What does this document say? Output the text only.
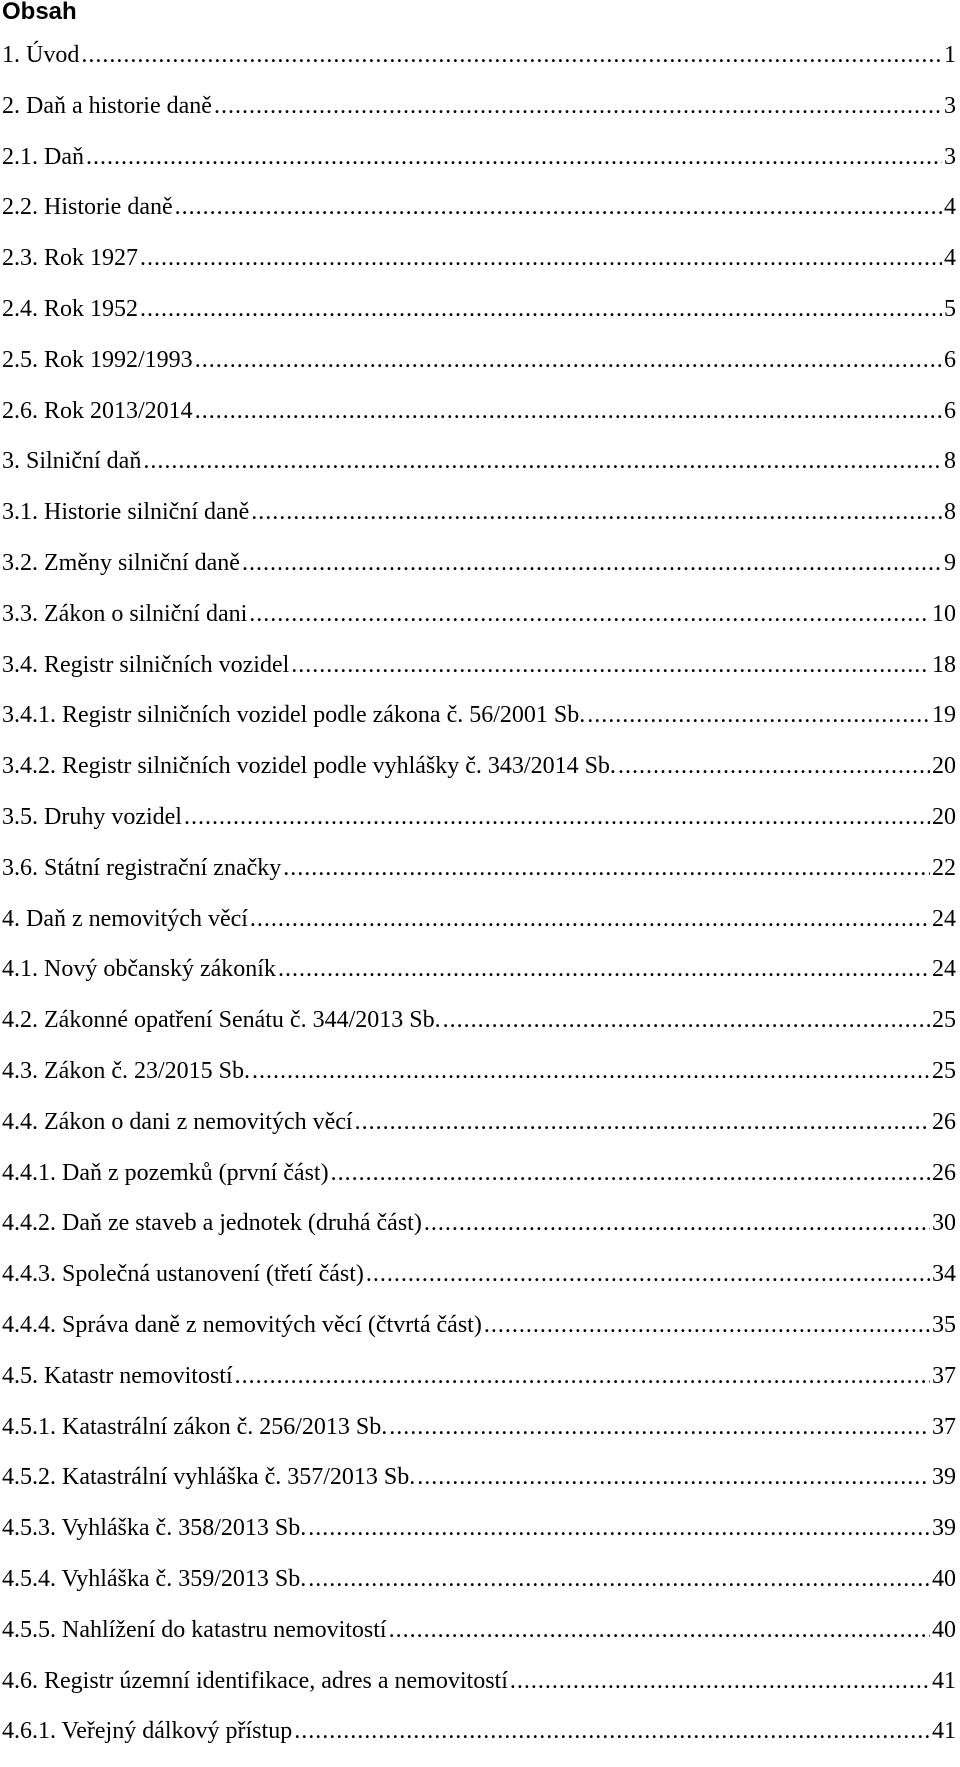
Obsah
1. Úvod .....	1
2. Daň a historie daně .....	3
2.1. Daň .....	3
2.2. Historie daně .....	4
2.3. Rok 1927 .....	4
2.4. Rok 1952 .....	5
2.5. Rok 1992/1993 .....	6
2.6. Rok 2013/2014 .....	6
3. Silniční daň .....	8
3.1. Historie silniční daně .....	8
3.2. Změny silniční daně .....	9
3.3. Zákon o silniční dani .....	10
3.4. Registr silničních vozidel .....	18
3.4.1. Registr silničních vozidel podle zákona č. 56/2001 Sb. .....	19
3.4.2. Registr silničních vozidel podle vyhlášky č. 343/2014 Sb. .....	20
3.5. Druhy vozidel .....	20
3.6. Státní registrační značky .....	22
4. Daň z nemovitých věcí .....	24
4.1. Nový občanský zákoník .....	24
4.2. Zákonné opatření Senátu č. 344/2013 Sb. .....	25
4.3. Zákon č. 23/2015 Sb. .....	25
4.4. Zákon o dani z nemovitých věcí .....	26
4.4.1. Daň z pozemků (první část) .....	26
4.4.2. Daň ze staveb a jednotek (druhá část) .....	30
4.4.3. Společná ustanovení (třetí část) .....	34
4.4.4. Správa daně z nemovitých věcí (čtvrtá část) .....	35
4.5. Katastr nemovitostí .....	37
4.5.1. Katastrální zákon č. 256/2013 Sb. .....	37
4.5.2. Katastrální vyhláška č. 357/2013 Sb. .....	39
4.5.3. Vyhláška č. 358/2013 Sb. .....	39
4.5.4. Vyhláška č. 359/2013 Sb. .....	40
4.5.5. Nahlížení do katastru nemovitostí .....	40
4.6. Registr územní identifikace, adres a nemovitostí .....	41
4.6.1. Veřejný dálkový přístup .....	41
